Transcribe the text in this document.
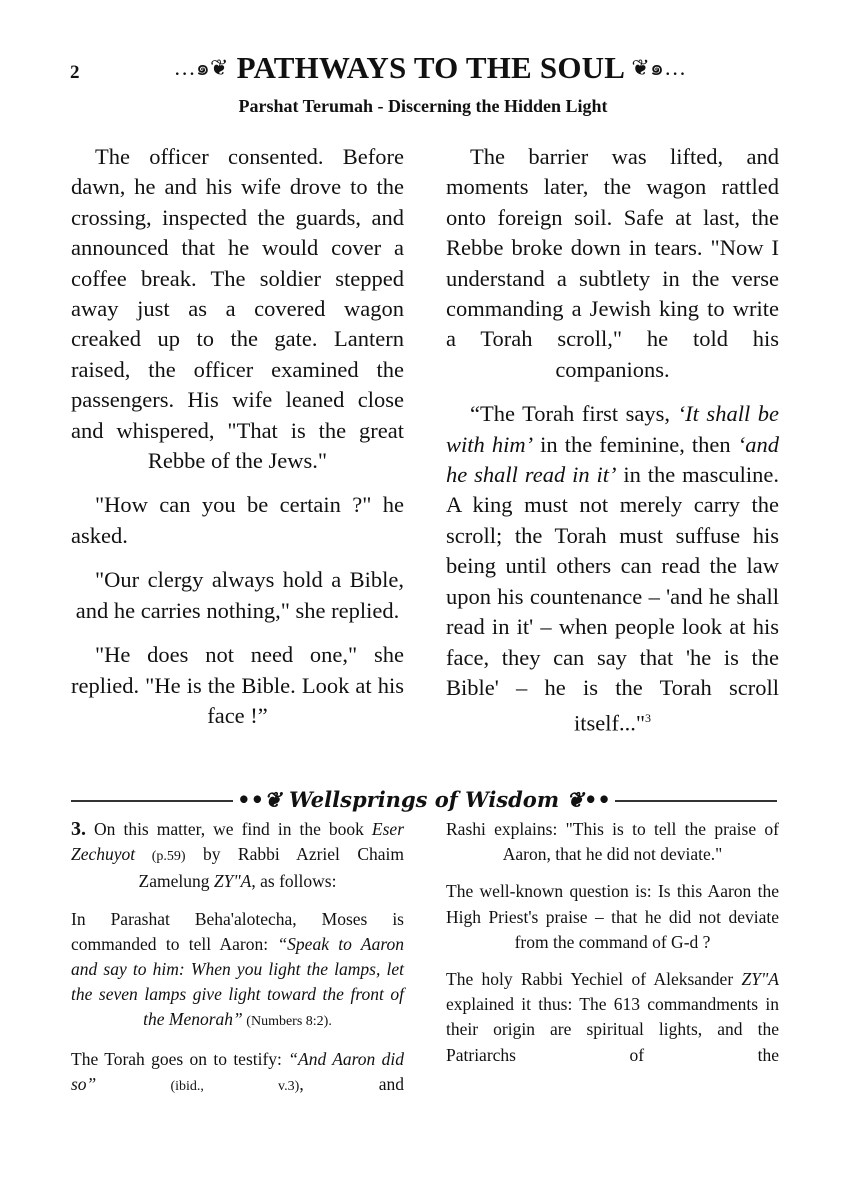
2	…๑❦ PATHWAYS TO THE SOUL ❦๑…
Parshat Terumah - Discerning the Hidden Light

The officer consented. Before dawn, he and his wife drove to the crossing, inspected the guards, and announced that he would cover a coffee break. The soldier stepped away just as a covered wagon creaked up to the gate. Lantern raised, the officer examined the passengers. His wife leaned close and whispered, "That is the great Rebbe of the Jews."

"How can you be certain ?" he asked.

"Our clergy always hold a Bible, and he carries nothing," she replied.

"He does not need one," she replied. "He is the Bible. Look at his face !”

The barrier was lifted, and moments later, the wagon rattled onto foreign soil. Safe at last, the Rebbe broke down in tears. "Now I understand a subtlety in the verse commanding a Jewish king to write a Torah scroll," he told his companions.

“The Torah first says, ‘It shall be with him’ in the feminine, then ‘and he shall read in it’ in the masculine. A king must not merely carry the scroll; the Torah must suffuse his being until others can read the law upon his countenance – 'and he shall read in it' – when people look at his face, they can say that 'he is the Bible' – he is the Torah scroll itself..."$^3$

••❦ Wellsprings of Wisdom ❦••

3. On this matter, we find in the book Eser Zechuyot (p.59) by Rabbi Azriel Chaim Zamelung ZY"A, as follows:

In Parashat Beha'alotecha, Moses is commanded to tell Aaron: “Speak to Aaron and say to him: When you light the lamps, let the seven lamps give light toward the front of the Menorah” (Numbers 8:2).

The Torah goes on to testify: “And Aaron did so” (ibid., v.3), and

Rashi explains: "This is to tell the praise of Aaron, that he did not deviate."

The well-known question is: Is this Aaron the High Priest's praise – that he did not deviate from the command of G-d ?

The holy Rabbi Yechiel of Aleksander ZY"A explained it thus: The 613 commandments in their origin are spiritual lights, and the Patriarchs of the
